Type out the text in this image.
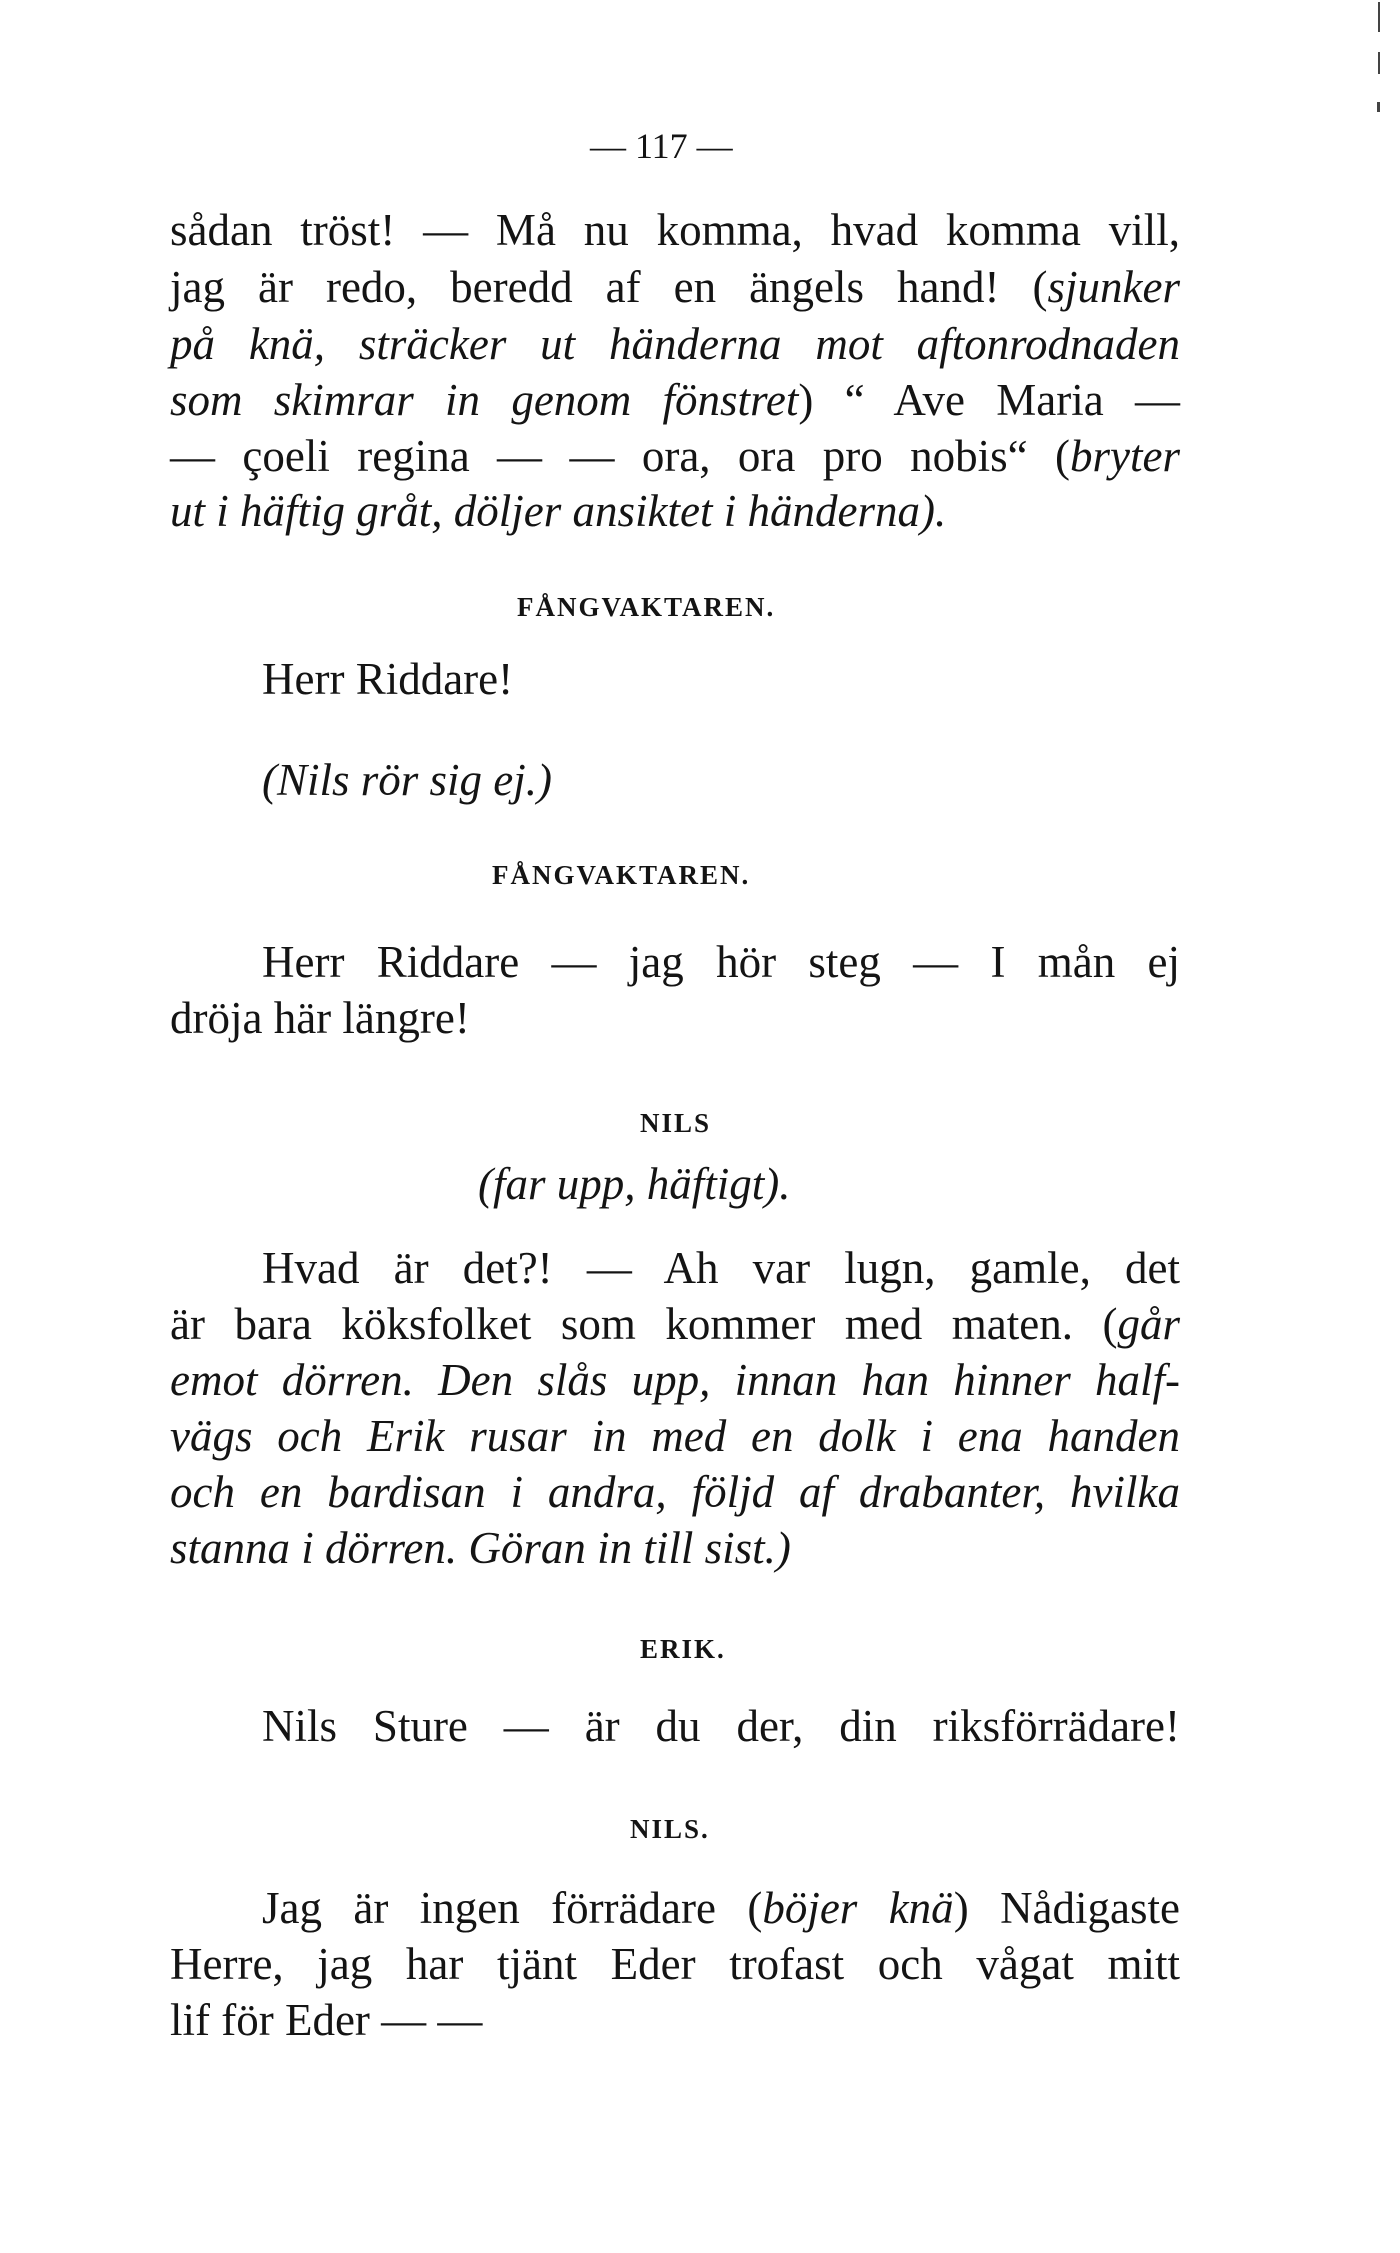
— 117 —
sådan tröst! — Må nu komma, hvad komma vill,
jag är redo, beredd af en ängels hand! (sjunker
på knä, sträcker ut händerna mot aftonrodnaden
som skimrar in genom fönstret) “ Ave Maria —
— çoeli regina — — ora, ora pro nobis“ (bryter
ut i häftig gråt, döljer ansiktet i händerna).
FÅNGVAKTAREN.
Herr Riddare!
(Nils rör sig ej.)
FÅNGVAKTAREN.
Herr Riddare — jag hör steg — I mån ej
dröja här längre!
NILS
(far upp, häftigt).
Hvad är det?! — Ah var lugn, gamle, det
är bara köksfolket som kommer med maten. (går
emot dörren. Den slås upp, innan han hinner half-
vägs och Erik rusar in med en dolk i ena handen
och en bardisan i andra, följd af drabanter, hvilka
stanna i dörren. Göran in till sist.)
ERIK.
Nils Sture — är du der, din riksförrädare!
NILS.
Jag är ingen förrädare (böjer knä) Nådigaste
Herre, jag har tjänt Eder trofast och vågat mitt
lif för Eder — —
